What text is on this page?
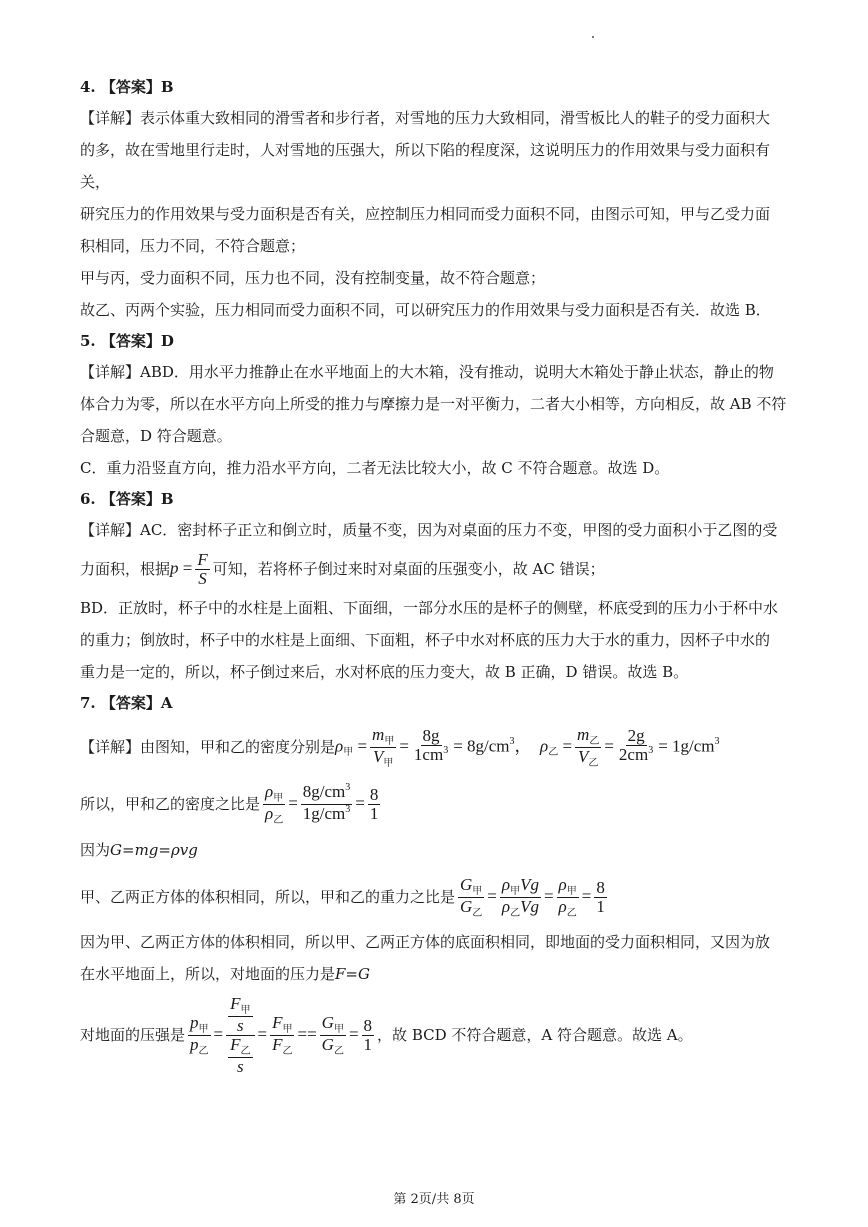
4. 【答案】B

【详解】表示体重大致相同的滑雪者和步行者，对雪地的压力大致相同，滑雪板比人的鞋子的受力面积大

的多，故在雪地里行走时，人对雪地的压强大，所以下陷的程度深，这说明压力的作用效果与受力面积有

关，

研究压力的作用效果与受力面积是否有关，应控制压力相同而受力面积不同，由图示可知，甲与乙受力面

积相同，压力不同，不符合题意；

甲与丙，受力面积不同，压力也不同，没有控制变量，故不符合题意；

故乙、丙两个实验，压力相同而受力面积不同，可以研究压力的作用效果与受力面积是否有关．故选 B．

5. 【答案】D

【详解】ABD．用水平力推静止在水平地面上的大木箱，没有推动，说明大木箱处于静止状态，静止的物

体合力为零，所以在水平方向上所受的推力与摩擦力是一对平衡力，二者大小相等，方向相反，故 AB 不符

合题意，D 符合题意。

C．重力沿竖直方向，推力沿水平方向，二者无法比较大小，故 C 不符合题意。故选 D。

6. 【答案】B

【详解】AC．密封杯子正立和倒立时，质量不变，因为对桌面的压力不变，甲图的受力面积小于乙图的受

力面积，根据 $p = \frac{F}{S}$ 可知，若将杯子倒过来时对桌面的压强变小，故 AC 错误；

BD．正放时，杯子中的水柱是上面粗、下面细，一部分水压的是杯子的侧壁，杯底受到的压力小于杯中水

的重力；倒放时，杯子中的水柱是上面细、下面粗，杯子中水对杯底的压力大于水的重力，因杯子中水的

重力是一定的，所以，杯子倒过来后，水对杯底的压力变大，故 B 正确，D 错误。故选 B。

7. 【答案】A
【详解】由图知，甲和乙的密度分别是 $\rho_甲 = \frac{m_甲}{V_甲} = \frac{8g}{1cm^3} = 8g/cm^3$，  $\rho_乙 = \frac{m_乙}{V_乙} = \frac{2g}{2cm^3} = 1g/cm^3$
所以，甲和乙的密度之比是 $\frac{\rho_甲}{\rho_乙} = \frac{8g/cm^3}{1g/cm^3} = \frac{8}{1}$
因为 G=mg=ρvg
甲、乙两正方体的体积相同，所以，甲和乙的重力之比是 $\frac{G_甲}{G_乙} = \frac{\rho_甲Vg}{\rho_乙Vg} = \frac{\rho_甲}{\rho_乙} = \frac{8}{1}$

因为甲、乙两正方体的体积相同，所以甲、乙两正方体的底面积相同，即地面的受力面积相同，又因为放

在水平地面上，所以，对地面的压力是 F=G
对地面的压强是 $\frac{p_甲}{p_乙} = \frac{\frac{F_甲}{s}}{\frac{F_乙}{s}} = \frac{F_甲}{F_乙} == \frac{G_甲}{G_乙} = \frac{8}{1}$ ，故 BCD 不符合题意，A 符合题意。故选 A。
第 2页/共 8页
